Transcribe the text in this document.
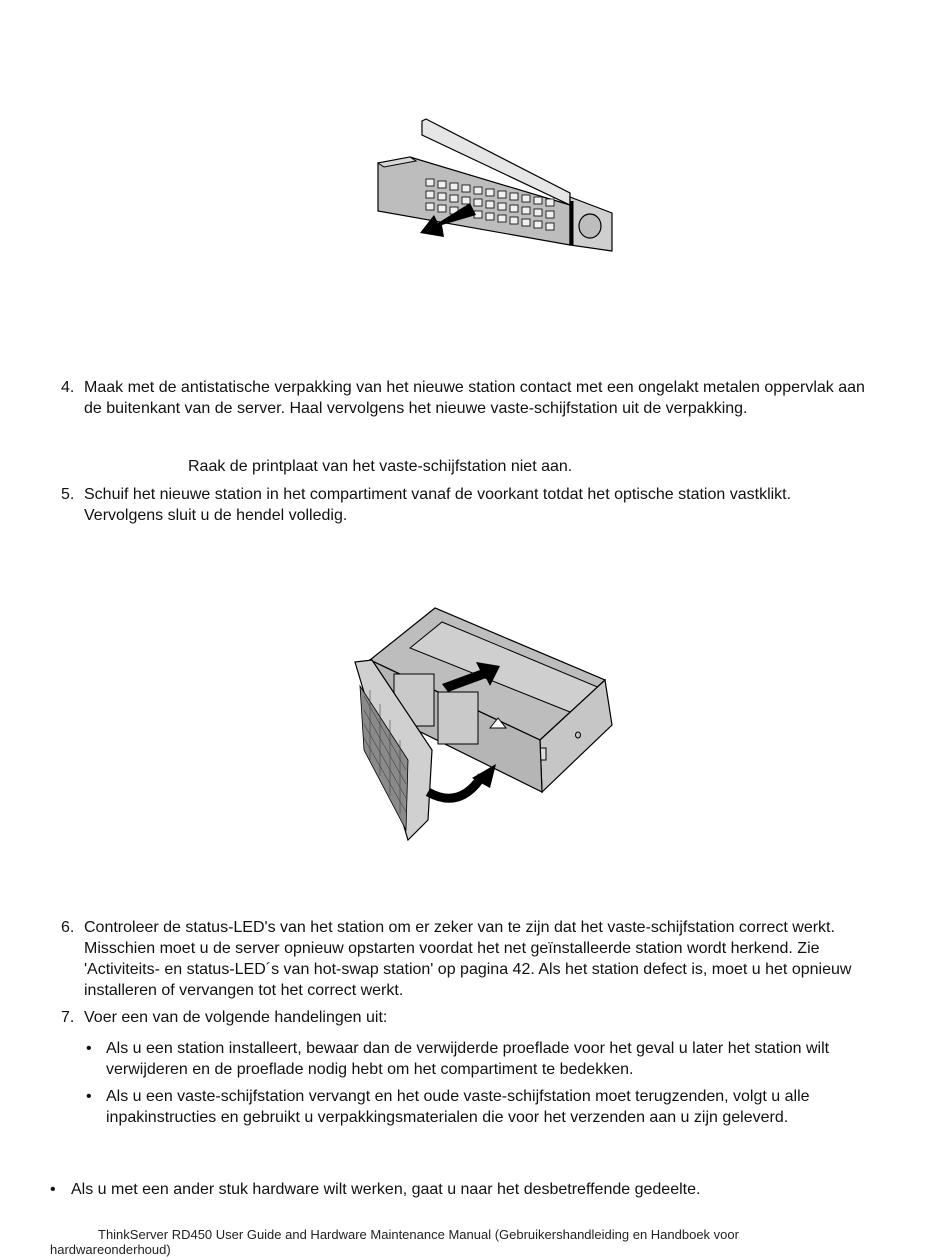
4. Maak met de antistatische verpakking van het nieuwe station contact met een ongelakt metalen oppervlak aan de buitenkant van de server. Haal vervolgens het nieuwe vaste-schijfstation uit de verpakking.
Raak de printplaat van het vaste-schijfstation niet aan.
5. Schuif het nieuwe station in het compartiment vanaf de voorkant totdat het optische station vastklikt. Vervolgens sluit u de hendel volledig.
6. Controleer de status-LED's van het station om er zeker van te zijn dat het vaste-schijfstation correct werkt. Misschien moet u de server opnieuw opstarten voordat het net geïnstalleerde station wordt herkend. Zie 'Activiteits- en status-LED´s van hot-swap station' op pagina 42. Als het station defect is, moet u het opnieuw installeren of vervangen tot het correct werkt.
7. Voer een van de volgende handelingen uit:
• Als u een station installeert, bewaar dan de verwijderde proeflade voor het geval u later het station wilt verwijderen en de proeflade nodig hebt om het compartiment te bedekken.
• Als u een vaste-schijfstation vervangt en het oude vaste-schijfstation moet terugzenden, volgt u alle inpakinstructies en gebruikt u verpakkingsmaterialen die voor het verzenden aan u zijn geleverd.
• Als u met een ander stuk hardware wilt werken, gaat u naar het desbetreffende gedeelte.
ThinkServer RD450 User Guide and Hardware Maintenance Manual (Gebruikershandleiding en Handboek voor hardwareonderhoud)
